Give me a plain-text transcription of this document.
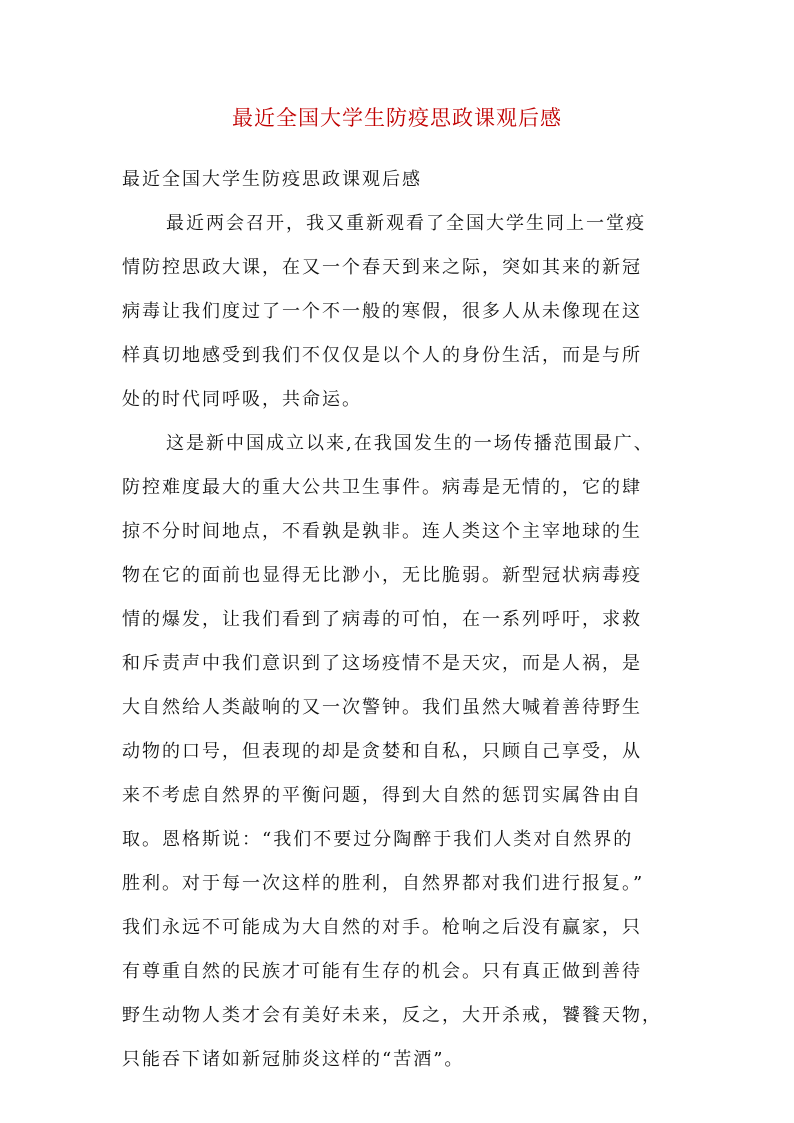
最近全国大学生防疫思政课观后感

最近全国大学生防疫思政课观后感

最近两会召开，我又重新观看了全国大学生同上一堂疫
情防控思政大课，在又一个春天到来之际，突如其来的新冠
病毒让我们度过了一个不一般的寒假，很多人从未像现在这
样真切地感受到我们不仅仅是以个人的身份生活，而是与所
处的时代同呼吸，共命运。
这是新中国成立以来,在我国发生的一场传播范围最广、
防控难度最大的重大公共卫生事件。病毒是无情的，它的肆
掠不分时间地点，不看孰是孰非。连人类这个主宰地球的生
物在它的面前也显得无比渺小，无比脆弱。新型冠状病毒疫
情的爆发，让我们看到了病毒的可怕，在一系列呼吁，求救
和斥责声中我们意识到了这场疫情不是天灾，而是人祸，是
大自然给人类敲响的又一次警钟。我们虽然大喊着善待野生
动物的口号，但表现的却是贪婪和自私，只顾自己享受，从
来不考虑自然界的平衡问题，得到大自然的惩罚实属咎由自
取。恩格斯说：“我们不要过分陶醉于我们人类对自然界的
胜利。对于每一次这样的胜利，自然界都对我们进行报复。”
我们永远不可能成为大自然的对手。枪响之后没有赢家，只
有尊重自然的民族才可能有生存的机会。只有真正做到善待
野生动物人类才会有美好未来，反之，大开杀戒，饕餮天物，
只能吞下诸如新冠肺炎这样的“苦酒”。
